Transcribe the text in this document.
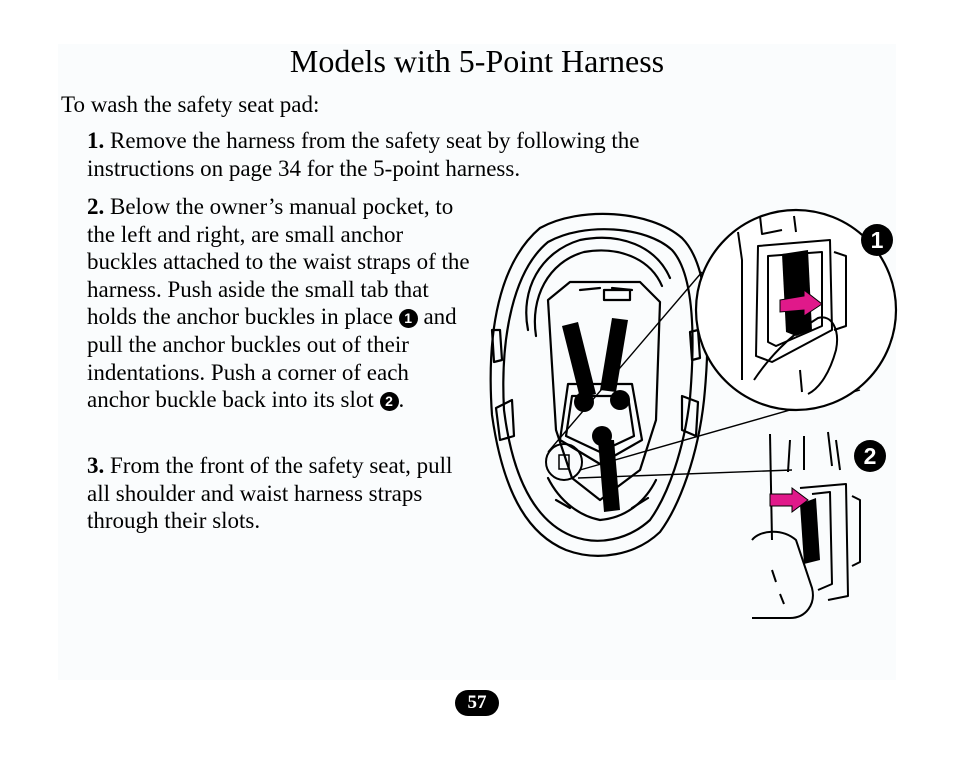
Models with 5-Point Harness
To wash the safety seat pad:

1. Remove the harness from the safety seat by following the instructions on page 34 for the 5-point harness.

2. Below the owner’s manual pocket, to the left and right, are small anchor buckles attached to the waist straps of the harness. Push aside the small tab that holds the anchor buckles in place 1 and pull the anchor buckles out of their indentations. Push a corner of each anchor buckle back into its slot 2 .

3. From the front of the safety seat, pull all shoulder and waist harness straps through their slots.

1
2
57
